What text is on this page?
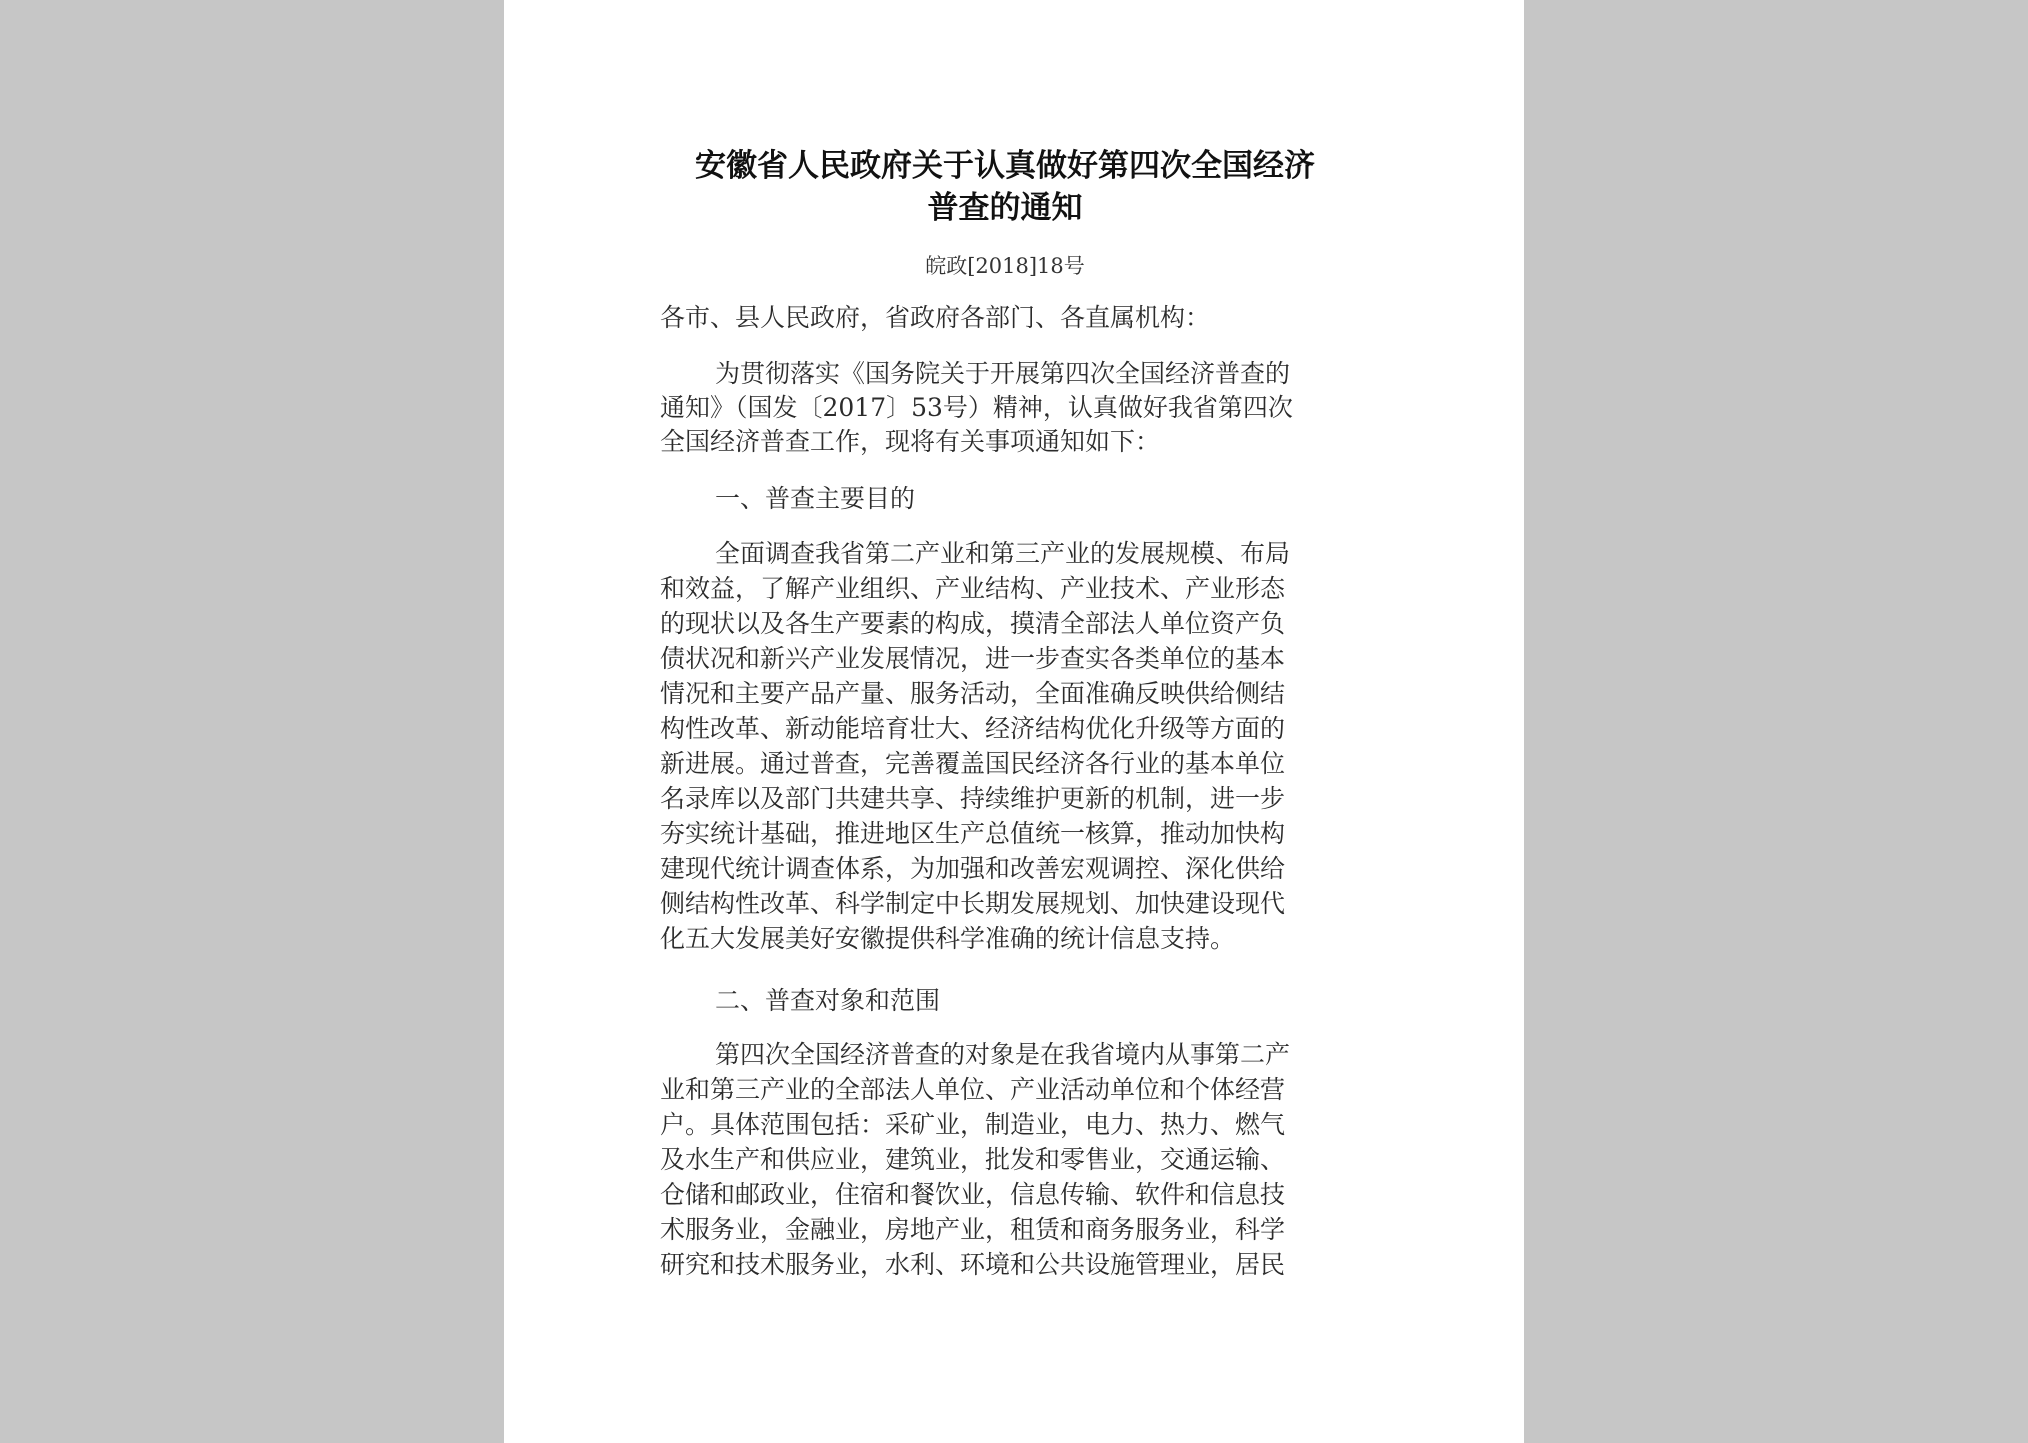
安徽省人民政府关于认真做好第四次全国经济
普查的通知
皖政[2018]18号
各市、县人民政府，省政府各部门、各直属机构：
为贯彻落实《国务院关于开展第四次全国经济普查的
通知》（国发〔2017〕53号）精神，认真做好我省第四次
全国经济普查工作，现将有关事项通知如下：
一、普查主要目的
全面调查我省第二产业和第三产业的发展规模、布局
和效益，了解产业组织、产业结构、产业技术、产业形态
的现状以及各生产要素的构成，摸清全部法人单位资产负
债状况和新兴产业发展情况，进一步查实各类单位的基本
情况和主要产品产量、服务活动，全面准确反映供给侧结
构性改革、新动能培育壮大、经济结构优化升级等方面的
新进展。通过普查，完善覆盖国民经济各行业的基本单位
名录库以及部门共建共享、持续维护更新的机制，进一步
夯实统计基础，推进地区生产总值统一核算，推动加快构
建现代统计调查体系，为加强和改善宏观调控、深化供给
侧结构性改革、科学制定中长期发展规划、加快建设现代
化五大发展美好安徽提供科学准确的统计信息支持。
二、普查对象和范围
第四次全国经济普查的对象是在我省境内从事第二产
业和第三产业的全部法人单位、产业活动单位和个体经营
户。具体范围包括：采矿业，制造业，电力、热力、燃气
及水生产和供应业，建筑业，批发和零售业，交通运输、
仓储和邮政业，住宿和餐饮业，信息传输、软件和信息技
术服务业，金融业，房地产业，租赁和商务服务业，科学
研究和技术服务业，水利、环境和公共设施管理业，居民
